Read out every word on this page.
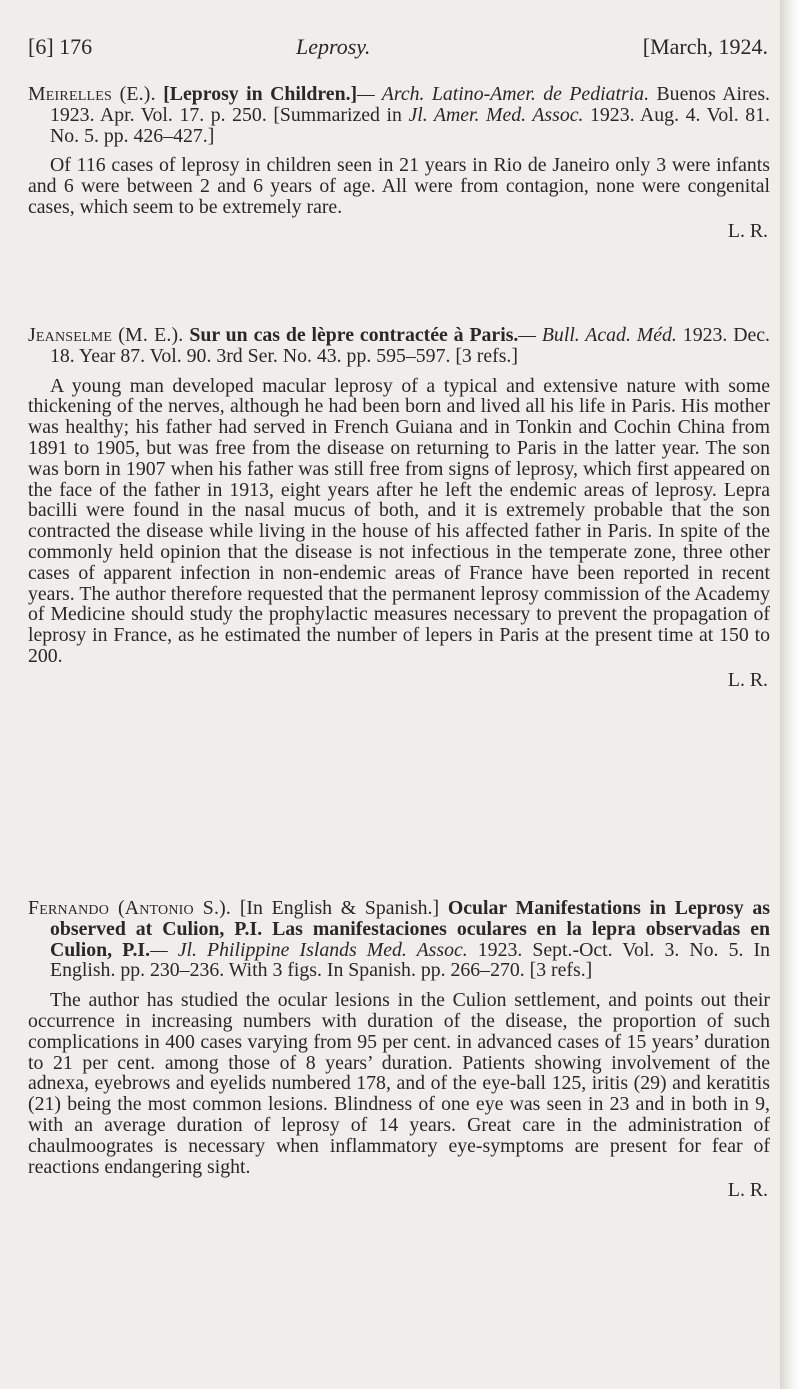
[6] 176	Leprosy.	[March, 1924.

Meirelles (E.). [Leprosy in Children.]— Arch. Latino-Amer. de Pediatria. Buenos Aires. 1923. Apr. Vol. 17. p. 250. [Summarized in Jl. Amer. Med. Assoc. 1923. Aug. 4. Vol. 81. No. 5. pp. 426–427.]

Of 116 cases of leprosy in children seen in 21 years in Rio de Janeiro only 3 were infants and 6 were between 2 and 6 years of age. All were from contagion, none were congenital cases, which seem to be extremely rare.

L. R.

Jeanselme (M. E.). Sur un cas de lèpre contractée à Paris.— Bull. Acad. Méd. 1923. Dec. 18. Year 87. Vol. 90. 3rd Ser. No. 43. pp. 595–597. [3 refs.]

A young man developed macular leprosy of a typical and extensive nature with some thickening of the nerves, although he had been born and lived all his life in Paris. His mother was healthy; his father had served in French Guiana and in Tonkin and Cochin China from 1891 to 1905, but was free from the disease on returning to Paris in the latter year. The son was born in 1907 when his father was still free from signs of leprosy, which first appeared on the face of the father in 1913, eight years after he left the endemic areas of leprosy. Lepra bacilli were found in the nasal mucus of both, and it is extremely probable that the son contracted the disease while living in the house of his affected father in Paris. In spite of the commonly held opinion that the disease is not infectious in the temperate zone, three other cases of apparent infection in non-endemic areas of France have been reported in recent years. The author therefore requested that the permanent leprosy commission of the Academy of Medicine should study the prophylactic measures necessary to prevent the propagation of leprosy in France, as he estimated the number of lepers in Paris at the present time at 150 to 200.

L. R.

Fernando (Antonio S.). [In English & Spanish.] Ocular Manifestations in Leprosy as observed at Culion, P.I. Las manifestaciones oculares en la lepra observadas en Culion, P.I.— Jl. Philippine Islands Med. Assoc. 1923. Sept.-Oct. Vol. 3. No. 5. In English. pp. 230–236. With 3 figs. In Spanish. pp. 266–270. [3 refs.]

The author has studied the ocular lesions in the Culion settlement, and points out their occurrence in increasing numbers with duration of the disease, the proportion of such complications in 400 cases varying from 95 per cent. in advanced cases of 15 years’ duration to 21 per cent. among those of 8 years’ duration. Patients showing involvement of the adnexa, eyebrows and eyelids numbered 178, and of the eye-ball 125, iritis (29) and keratitis (21) being the most common lesions. Blindness of one eye was seen in 23 and in both in 9, with an average duration of leprosy of 14 years. Great care in the administration of chaulmoogrates is necessary when inflammatory eye-symptoms are present for fear of reactions endangering sight.

L. R.
